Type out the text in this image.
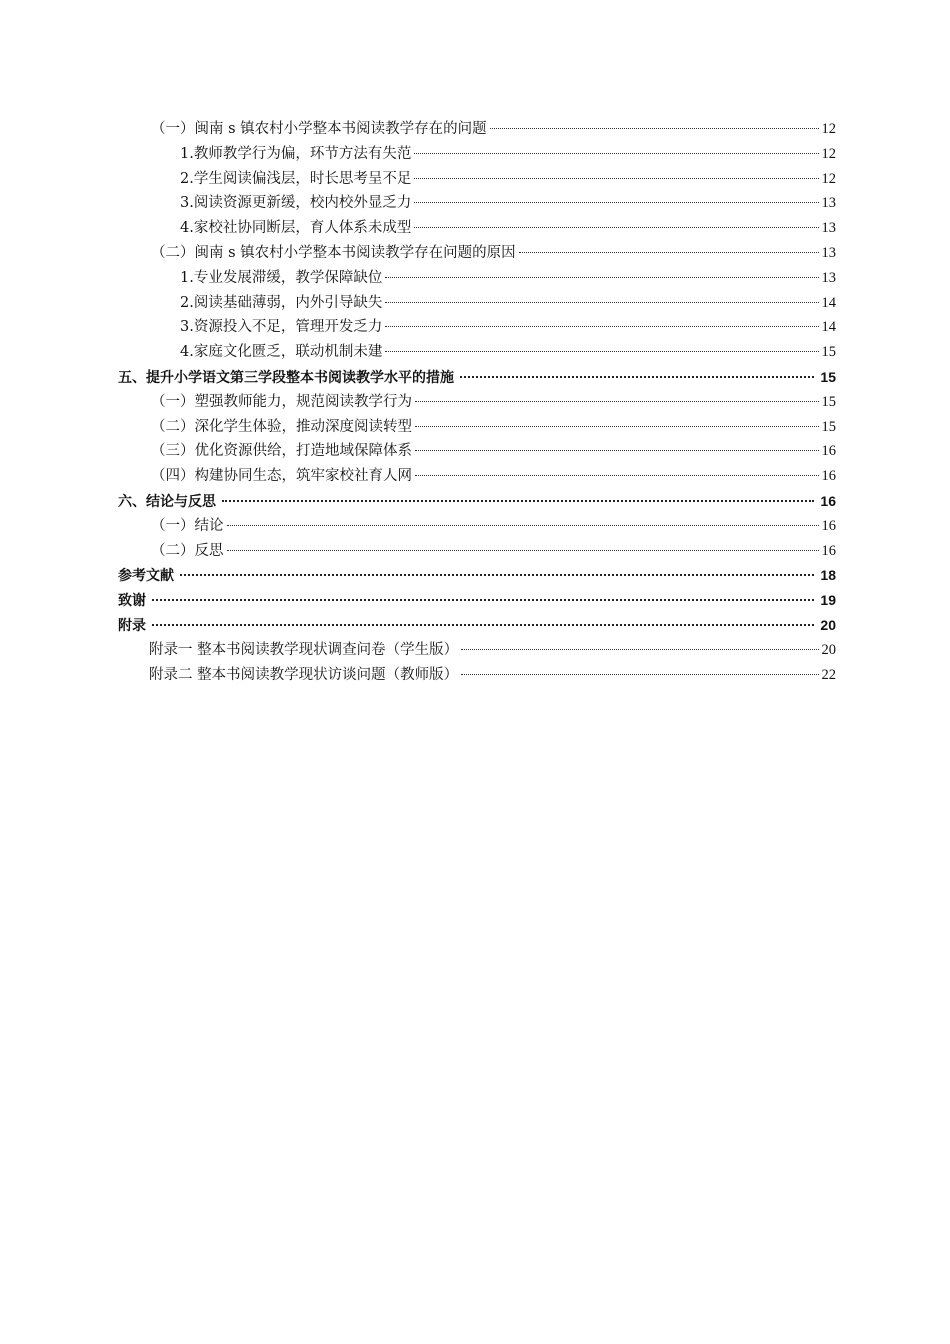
（一）闽南 s 镇农村小学整本书阅读教学存在的问题	12
1.教师教学行为偏，环节方法有失范	12
2.学生阅读偏浅层，时长思考呈不足	12
3.阅读资源更新缓，校内校外显乏力	13
4.家校社协同断层，育人体系未成型	13
（二）闽南 s 镇农村小学整本书阅读教学存在问题的原因	13
1.专业发展滞缓，教学保障缺位	13
2.阅读基础薄弱，内外引导缺失	14
3.资源投入不足，管理开发乏力	14
4.家庭文化匮乏，联动机制未建	15
五、提升小学语文第三学段整本书阅读教学水平的措施	15
（一）塑强教师能力，规范阅读教学行为	15
（二）深化学生体验，推动深度阅读转型	15
（三）优化资源供给，打造地域保障体系	16
（四）构建协同生态，筑牢家校社育人网	16
六、结论与反思	16
（一）结论	16
（二）反思	16
参考文献	18
致谢	19
附录	20
附录一 整本书阅读教学现状调查问卷（学生版）	20
附录二 整本书阅读教学现状访谈问题（教师版）	22
